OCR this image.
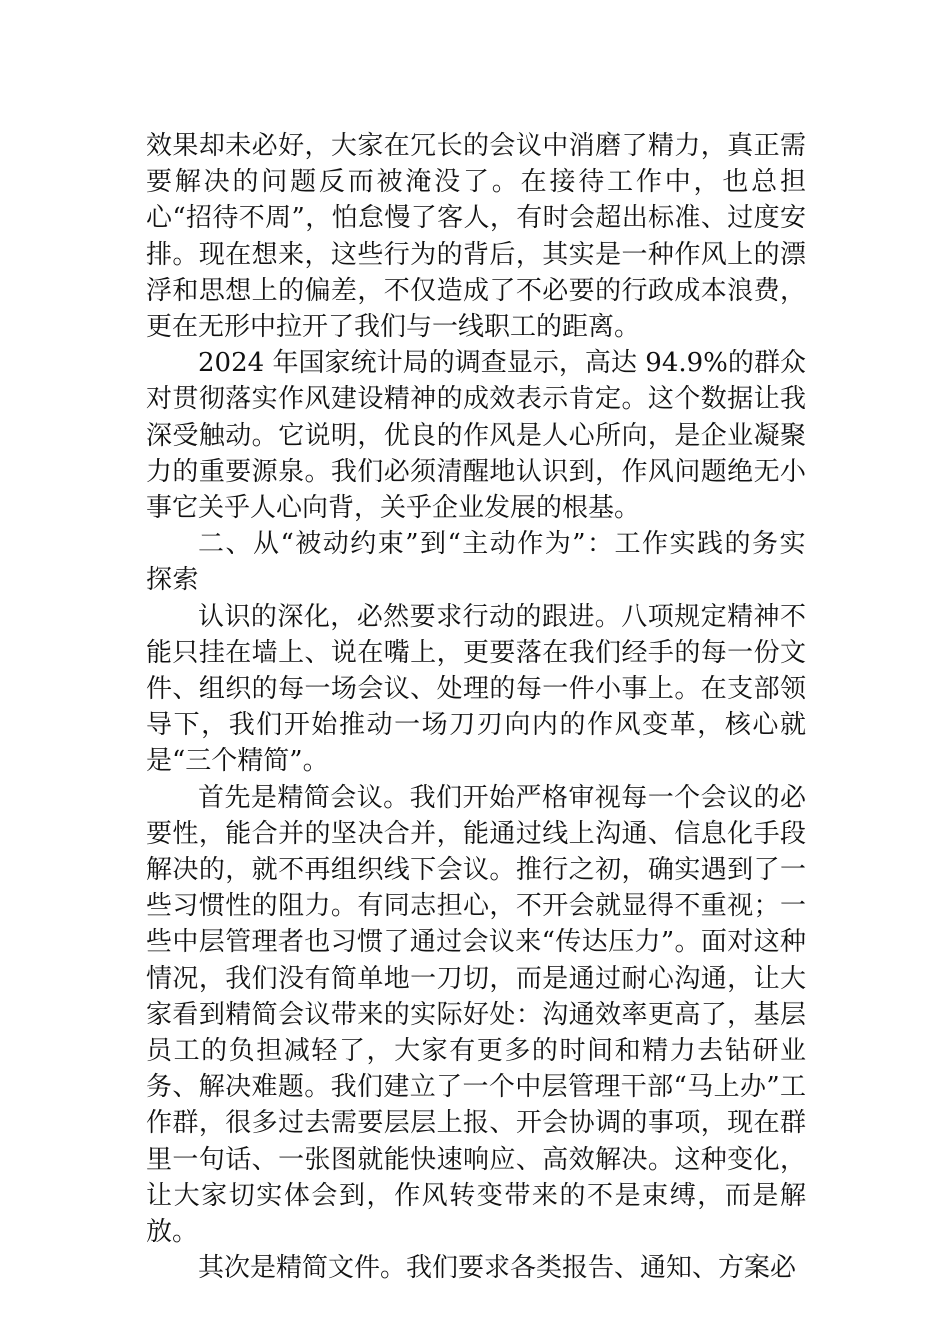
效果却未必好，大家在冗长的会议中消磨了精力，真正需要解决的问题反而被淹没了。在接待工作中，也总担心“招待不周”，怕怠慢了客人，有时会超出标准、过度安排。现在想来，这些行为的背后，其实是一种作风上的漂浮和思想上的偏差，不仅造成了不必要的行政成本浪费，更在无形中拉开了我们与一线职工的距离。

2024 年国家统计局的调查显示，高达 94.9%的群众对贯彻落实作风建设精神的成效表示肯定。这个数据让我深受触动。它说明，优良的作风是人心所向，是企业凝聚力的重要源泉。我们必须清醒地认识到，作风问题绝无小事它关乎人心向背，关乎企业发展的根基。

二、从“被动约束”到“主动作为”：工作实践的务实探索

认识的深化，必然要求行动的跟进。八项规定精神不能只挂在墙上、说在嘴上，更要落在我们经手的每一份文件、组织的每一场会议、处理的每一件小事上。在支部领导下，我们开始推动一场刀刃向内的作风变革，核心就是“三个精简”。

首先是精简会议。我们开始严格审视每一个会议的必要性，能合并的坚决合并，能通过线上沟通、信息化手段解决的，就不再组织线下会议。推行之初，确实遇到了一些习惯性的阻力。有同志担心，不开会就显得不重视；一些中层管理者也习惯了通过会议来“传达压力”。面对这种情况，我们没有简单地一刀切，而是通过耐心沟通，让大家看到精简会议带来的实际好处：沟通效率更高了，基层员工的负担减轻了，大家有更多的时间和精力去钻研业务、解决难题。我们建立了一个中层管理干部“马上办”工作群，很多过去需要层层上报、开会协调的事项，现在群里一句话、一张图就能快速响应、高效解决。这种变化，让大家切实体会到，作风转变带来的不是束缚，而是解放。

其次是精简文件。我们要求各类报告、通知、方案必
